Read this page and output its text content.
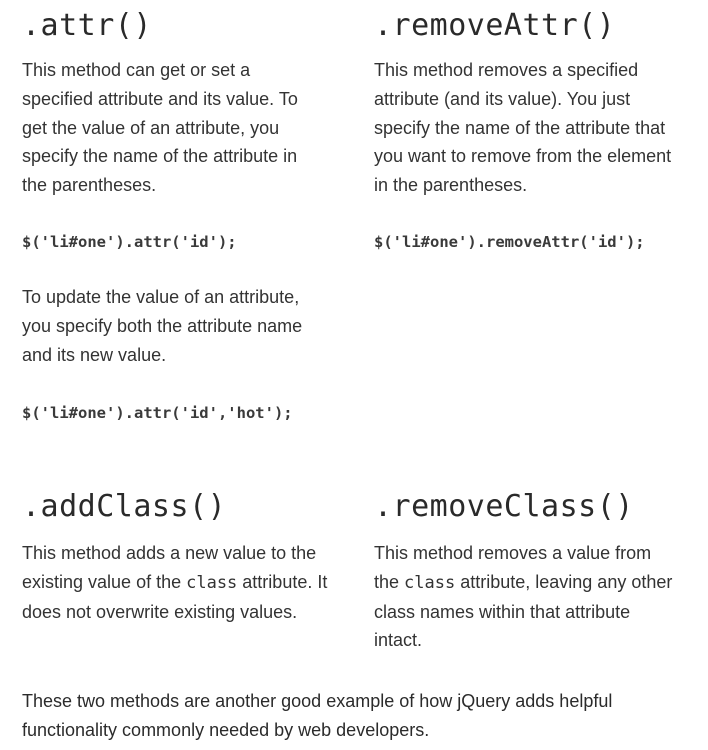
.attr()

This method can get or set a specified attribute and its value. To get the value of an attribute, you specify the name of the attribute in the parentheses.

$('li#one').attr('id');

To update the value of an attribute, you specify both the attribute name and its new value.

$('li#one').attr('id','hot');
.removeAttr()

This method removes a specified attribute (and its value). You just specify the name of the attribute that you want to remove from the element in the parentheses.

$('li#one').removeAttr('id');
.addClass()

This method adds a new value to the existing value of the class attribute. It does not overwrite existing values.

.removeClass()

This method removes a value from the class attribute, leaving any other class names within that attribute intact.

These two methods are another good example of how jQuery adds helpful functionality commonly needed by web developers.
